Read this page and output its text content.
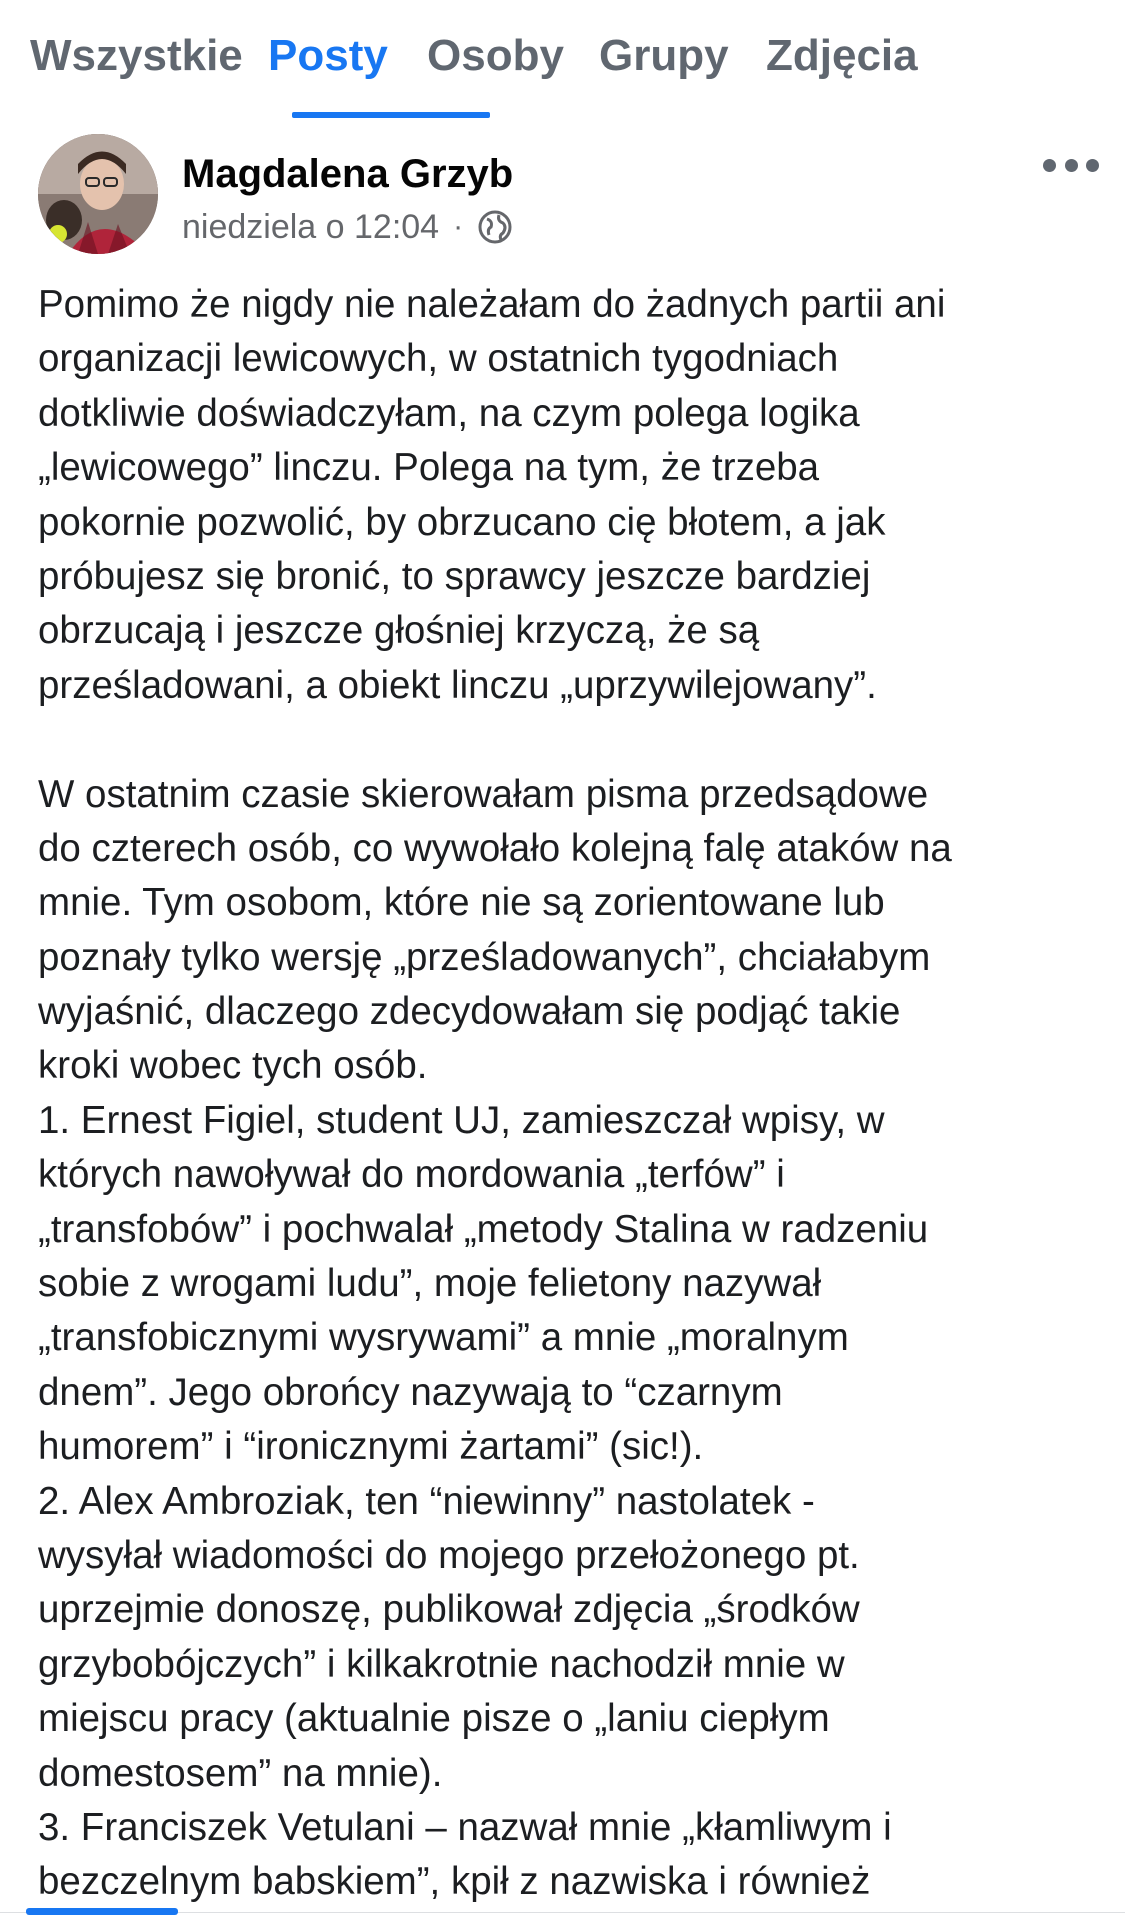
Wszystkie Posty Osoby Grupy Zdjęcia
Magdalena Grzyb
niedziela o 12:04 ·
Pomimo że nigdy nie należałam do żadnych partii ani
organizacji lewicowych, w ostatnich tygodniach
dotkliwie doświadczyłam, na czym polega logika
„lewicowego” linczu. Polega na tym, że trzeba
pokornie pozwolić, by obrzucano cię błotem, a jak
próbujesz się bronić, to sprawcy jeszcze bardziej
obrzucają i jeszcze głośniej krzyczą, że są
prześladowani, a obiekt linczu „uprzywilejowany”.
W ostatnim czasie skierowałam pisma przedsądowe
do czterech osób, co wywołało kolejną falę ataków na
mnie. Tym osobom, które nie są zorientowane lub
poznały tylko wersję „prześladowanych”, chciałabym
wyjaśnić, dlaczego zdecydowałam się podjąć takie
kroki wobec tych osób.
1. Ernest Figiel, student UJ, zamieszczał wpisy, w
których nawoływał do mordowania „terfów” i
„transfobów” i pochwalał „metody Stalina w radzeniu
sobie z wrogami ludu”, moje felietony nazywał
„transfobicznymi wysrywami” a mnie „moralnym
dnem”. Jego obrońcy nazywają to “czarnym
humorem” i “ironicznymi żartami” (sic!).
2. Alex Ambroziak, ten “niewinny” nastolatek -
wysyłał wiadomości do mojego przełożonego pt.
uprzejmie donoszę, publikował zdjęcia „środków
grzybobójczych” i kilkakrotnie nachodził mnie w
miejscu pracy (aktualnie pisze o „laniu ciepłym
domestosem” na mnie).
3. Franciszek Vetulani – nazwał mnie „kłamliwym i
bezczelnym babskiem”, kpił z nazwiska i również
